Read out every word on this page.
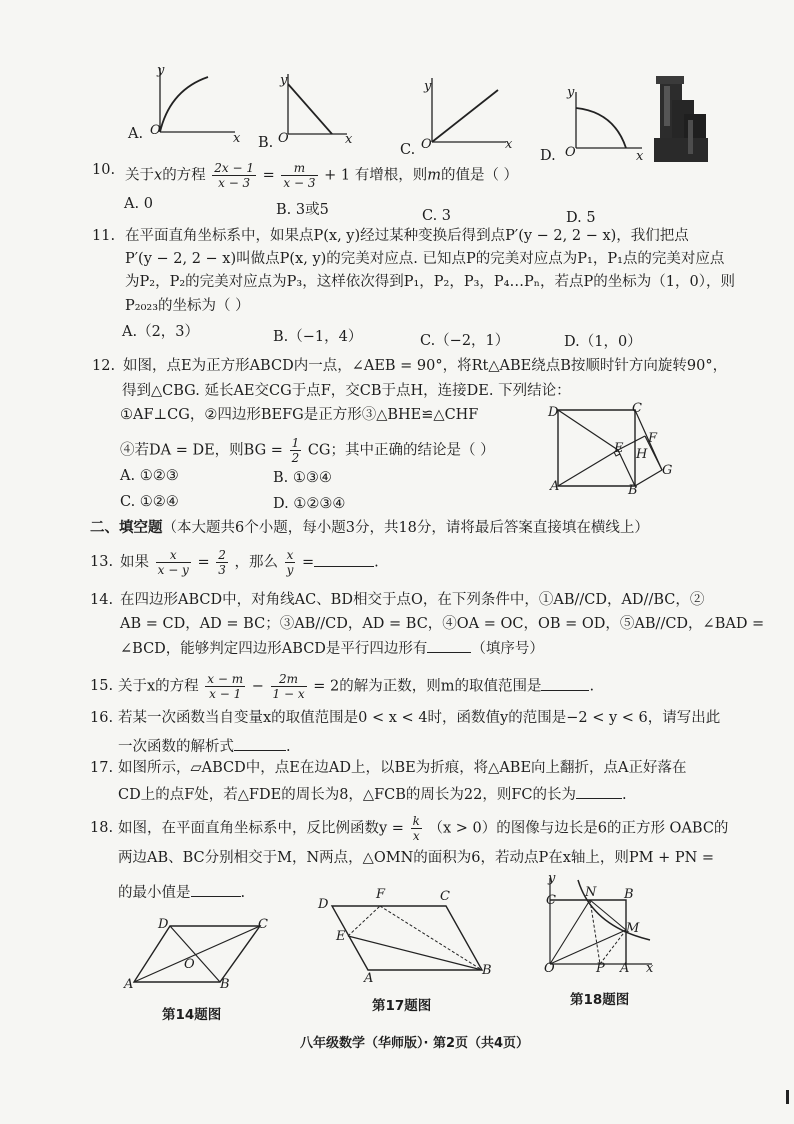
y
O
x
A.
y
O	x
B.
y
O	x
C.
y
O	x
D.
10. 关于x的方程 $\frac{2x - 1}{x - 3} = \frac{m}{x - 3} + 1$ 有增根，则m的值是（ ）
A. 0	B. 3或5	C. 3	D. 5
11. 在平面直角坐标系中，如果点P(x, y)经过某种变换后得到点P′(y − 2, 2 − x)，我们把点
P′(y − 2, 2 − x)叫做点P(x, y)的完美对应点. 已知点P的完美对应点为P₁，P₁点的完美对应点
为P₂，P₂的完美对应点为P₃，这样依次得到P₁，P₂，P₃，P₄…Pₙ，若点P的坐标为（1，0），则
P₂₀₂₃的坐标为（ ）
A.（2，3）	B.（−1，4）	C.（−2，1）	D.（1，0）
12. 如图，点E为正方形ABCD内一点，∠AEB = 90°，将Rt△ABE绕点B按顺时针方向旋转90°，
得到△CBG. 延长AE交CG于点F，交CB于点H，连接DE. 下列结论：
①AF⊥CG，②四边形BEFG是正方形③△BHE≌△CHF
④若DA = DE，则BG = $\frac{1}{2}$ CG；其中正确的结论是（ ）
A. ①②③	B. ①③④
C. ①②④	D. ①②③④
D	C
E
F
H
G
A	B
二、填空题（本大题共6个小题，每小题3分，共18分，请将最后答案直接填在横线上）
13. 如果 $\frac{x}{x - y} = \frac{2}{3}$ ，那么 $\frac{x}{y}$ =	.
14. 在四边形ABCD中，对角线AC、BD相交于点O，在下列条件中，①AB//CD，AD//BC，②
AB = CD，AD = BC；③AB//CD，AD = BC，④OA = OC，OB = OD，⑤AB//CD，∠BAD =
∠BCD，能够判定四边形ABCD是平行四边形有	（填序号）
15. 关于x的方程 $\frac{x - m}{x - 1} - \frac{2m}{1 - x} = 2$的解为正数，则m的取值范围是	.
16. 若某一次函数当自变量x的取值范围是0 < x < 4时，函数值y的范围是−2 < y < 6，请写出此
一次函数的解析式	.
17. 如图所示，▱ABCD中，点E在边AD上，以BE为折痕，将△ABE向上翻折，点A正好落在
CD上的点F处，若△FDE的周长为8，△FCB的周长为22，则FC的长为	.
18. 如图，在平面直角坐标系中，反比例函数$y = \frac{k}{x} (x > 0)$的图像与边长是6的正方形 OABC的
两边AB、BC分别相交于M，N两点，△OMN的面积为6，若动点P在x轴上，则PM + PN =
的最小值是	.
A	B
C
D
O
第14题图
D
F	C
E
A
B
第17题图
y
C
N B
M
O	P A x
第18题图
八年级数学（华师版）· 第2页（共4页）
